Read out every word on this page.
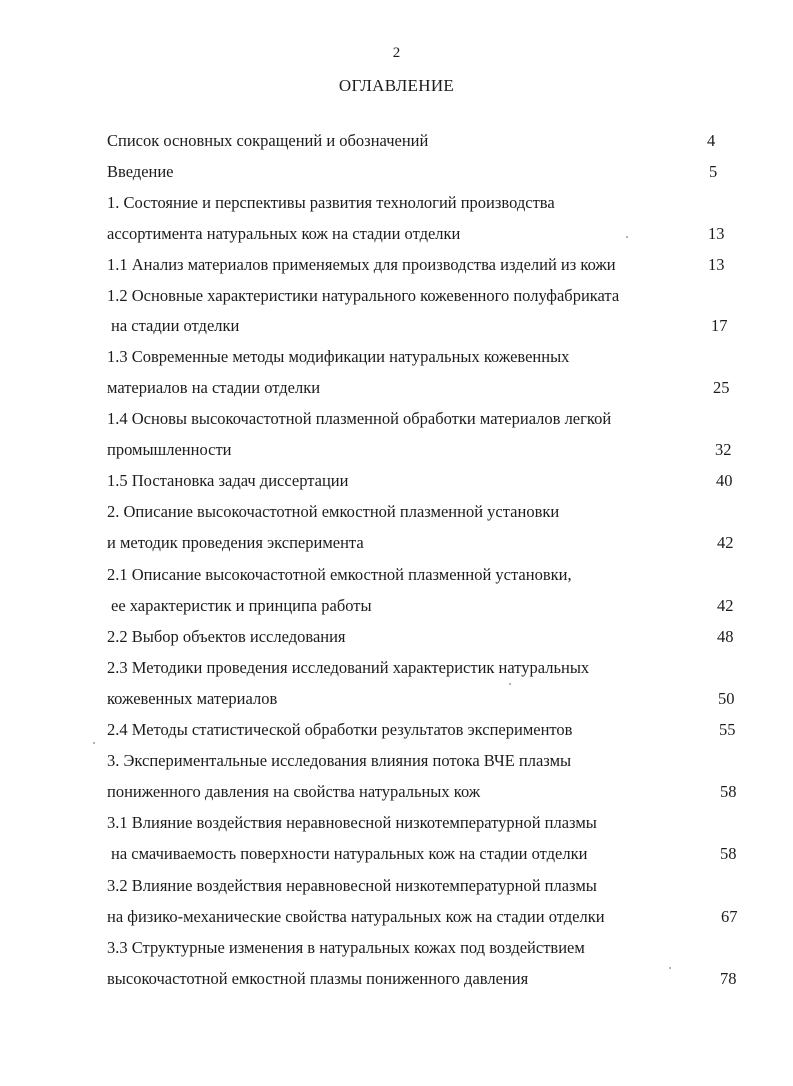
2
ОГЛАВЛЕНИЕ
Список основных сокращений и обозначений	4
Введение	5
1. Состояние и перспективы развития технологий производства
ассортимента натуральных кож на стадии отделки	13
1.1 Анализ материалов применяемых для производства изделий из кожи	13
1.2 Основные характеристики натурального кожевенного полуфабриката
на стадии отделки	17
1.3 Современные методы модификации натуральных кожевенных
материалов на стадии отделки	25
1.4 Основы высокочастотной плазменной обработки материалов легкой
промышленности	32
1.5 Постановка задач диссертации	40
2. Описание высокочастотной емкостной плазменной установки
и методик проведения эксперимента	42
2.1 Описание высокочастотной емкостной плазменной установки,
ее характеристик и принципа работы	42
2.2 Выбор объектов исследования	48
2.3 Методики проведения исследований характеристик натуральных
кожевенных материалов	50
2.4 Методы статистической обработки результатов экспериментов	55
3. Экспериментальные исследования влияния потока ВЧЕ плазмы
пониженного давления на свойства натуральных кож	58
3.1 Влияние воздействия неравновесной низкотемпературной плазмы
на смачиваемость поверхности натуральных кож на стадии отделки	58
3.2 Влияние воздействия неравновесной низкотемпературной плазмы
на физико-механические свойства натуральных кож на стадии отделки	67
3.3 Структурные изменения в натуральных кожах под воздействием
высокочастотной емкостной плазмы пониженного давления	78
